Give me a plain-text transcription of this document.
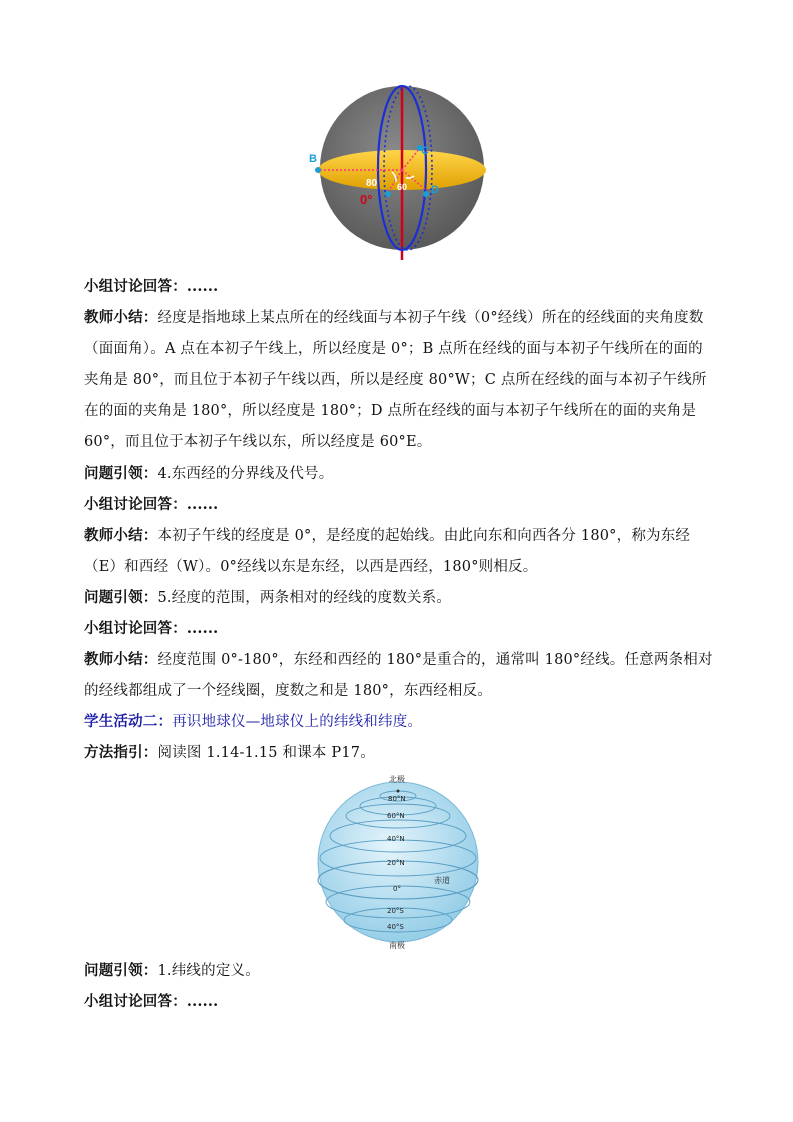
B
C
D
0°
80 60

小组讨论回答：......

教师小结：经度是指地球上某点所在的经线面与本初子午线（0°经线）所在的经线面的夹角度数（面面角）。A 点在本初子午线上，所以经度是 0°；B 点所在经线的面与本初子午线所在的面的夹角是 80°，而且位于本初子午线以西，所以是经度 80°W；C 点所在经线的面与本初子午线所在的面的夹角是 180°，所以经度是 180°；D 点所在经线的面与本初子午线所在的面的夹角是 60°，而且位于本初子午线以东，所以经度是 60°E。

问题引领：4.东西经的分界线及代号。

小组讨论回答：......

教师小结：本初子午线的经度是 0°，是经度的起始线。由此向东和向西各分 180°，称为东经（E）和西经（W）。0°经线以东是东经，以西是西经，180°则相反。

问题引领：5.经度的范围，两条相对的经线的度数关系。

小组讨论回答：......

教师小结：经度范围 0°-180°，东经和西经的 180°是重合的，通常叫 180°经线。任意两条相对的经线都组成了一个经线圈，度数之和是 180°，东西经相反。

学生活动二：再识地球仪—地球仪上的纬线和纬度。

方法指引：阅读图 1.14-1.15 和课本 P17。

北极
南极
赤道
80°N
60°N
40°N
20°N
0°
20°S
40°S

问题引领：1.纬线的定义。

小组讨论回答：......
